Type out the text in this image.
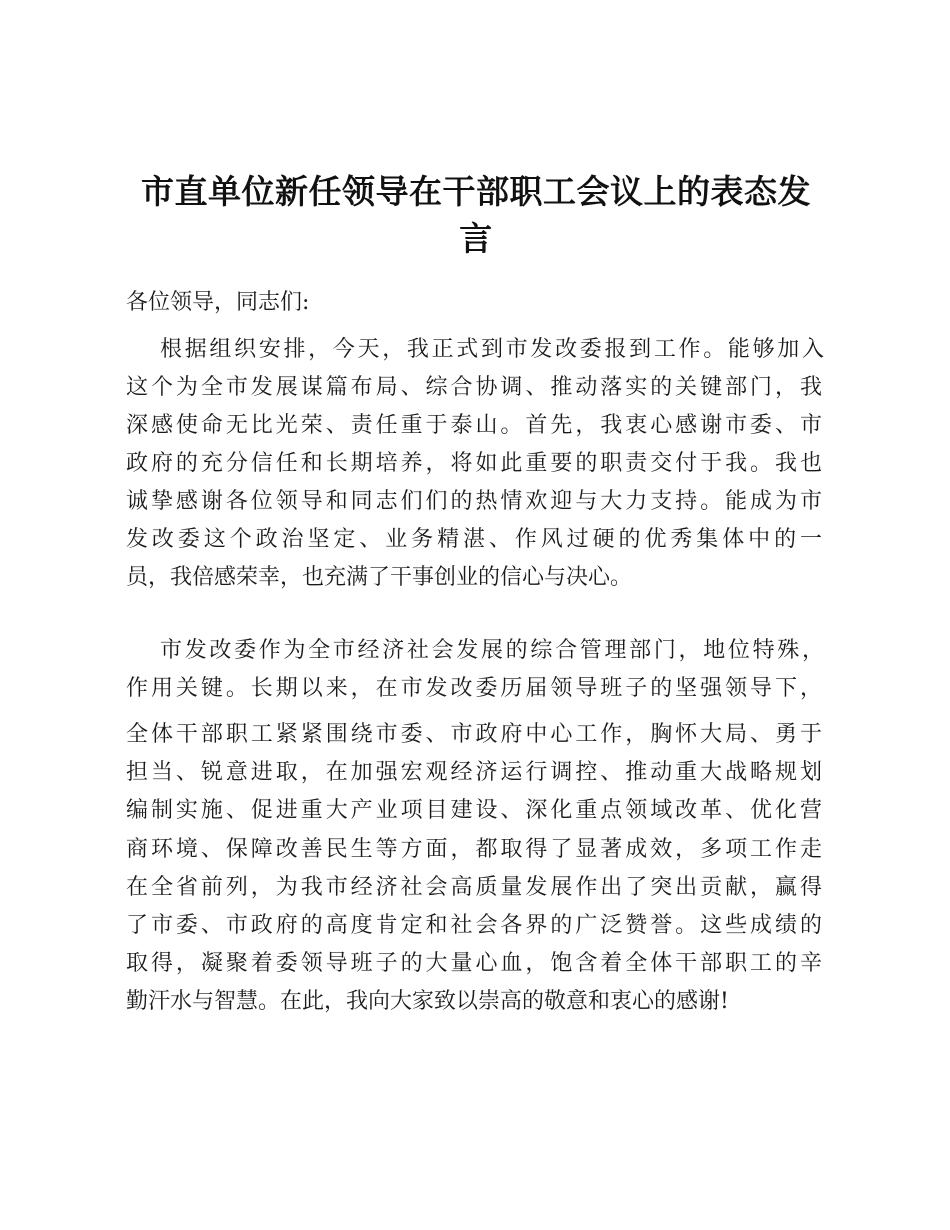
市直单位新任领导在干部职工会议上的表态发言

各位领导，同志们:

根据组织安排，今天，我正式到市发改委报到工作。能够加入

这个为全市发展谋篇布局、综合协调、推动落实的关键部门，我

深感使命无比光荣、责任重于泰山。首先，我衷心感谢市委、市

政府的充分信任和长期培养，将如此重要的职责交付于我。我也

诚挚感谢各位领导和同志们们的热情欢迎与大力支持。能成为市

发改委这个政治坚定、业务精湛、作风过硬的优秀集体中的一

员，我倍感荣幸，也充满了干事创业的信心与决心。

市发改委作为全市经济社会发展的综合管理部门，地位特殊，

作用关键。长期以来，在市发改委历届领导班子的坚强领导下，

全体干部职工紧紧围绕市委、市政府中心工作，胸怀大局、勇于

担当、锐意进取，在加强宏观经济运行调控、推动重大战略规划

编制实施、促进重大产业项目建设、深化重点领域改革、优化营

商环境、保障改善民生等方面，都取得了显著成效，多项工作走

在全省前列，为我市经济社会高质量发展作出了突出贡献，赢得

了市委、市政府的高度肯定和社会各界的广泛赞誉。这些成绩的

取得，凝聚着委领导班子的大量心血，饱含着全体干部职工的辛

勤汗水与智慧。在此，我向大家致以崇高的敬意和衷心的感谢!
